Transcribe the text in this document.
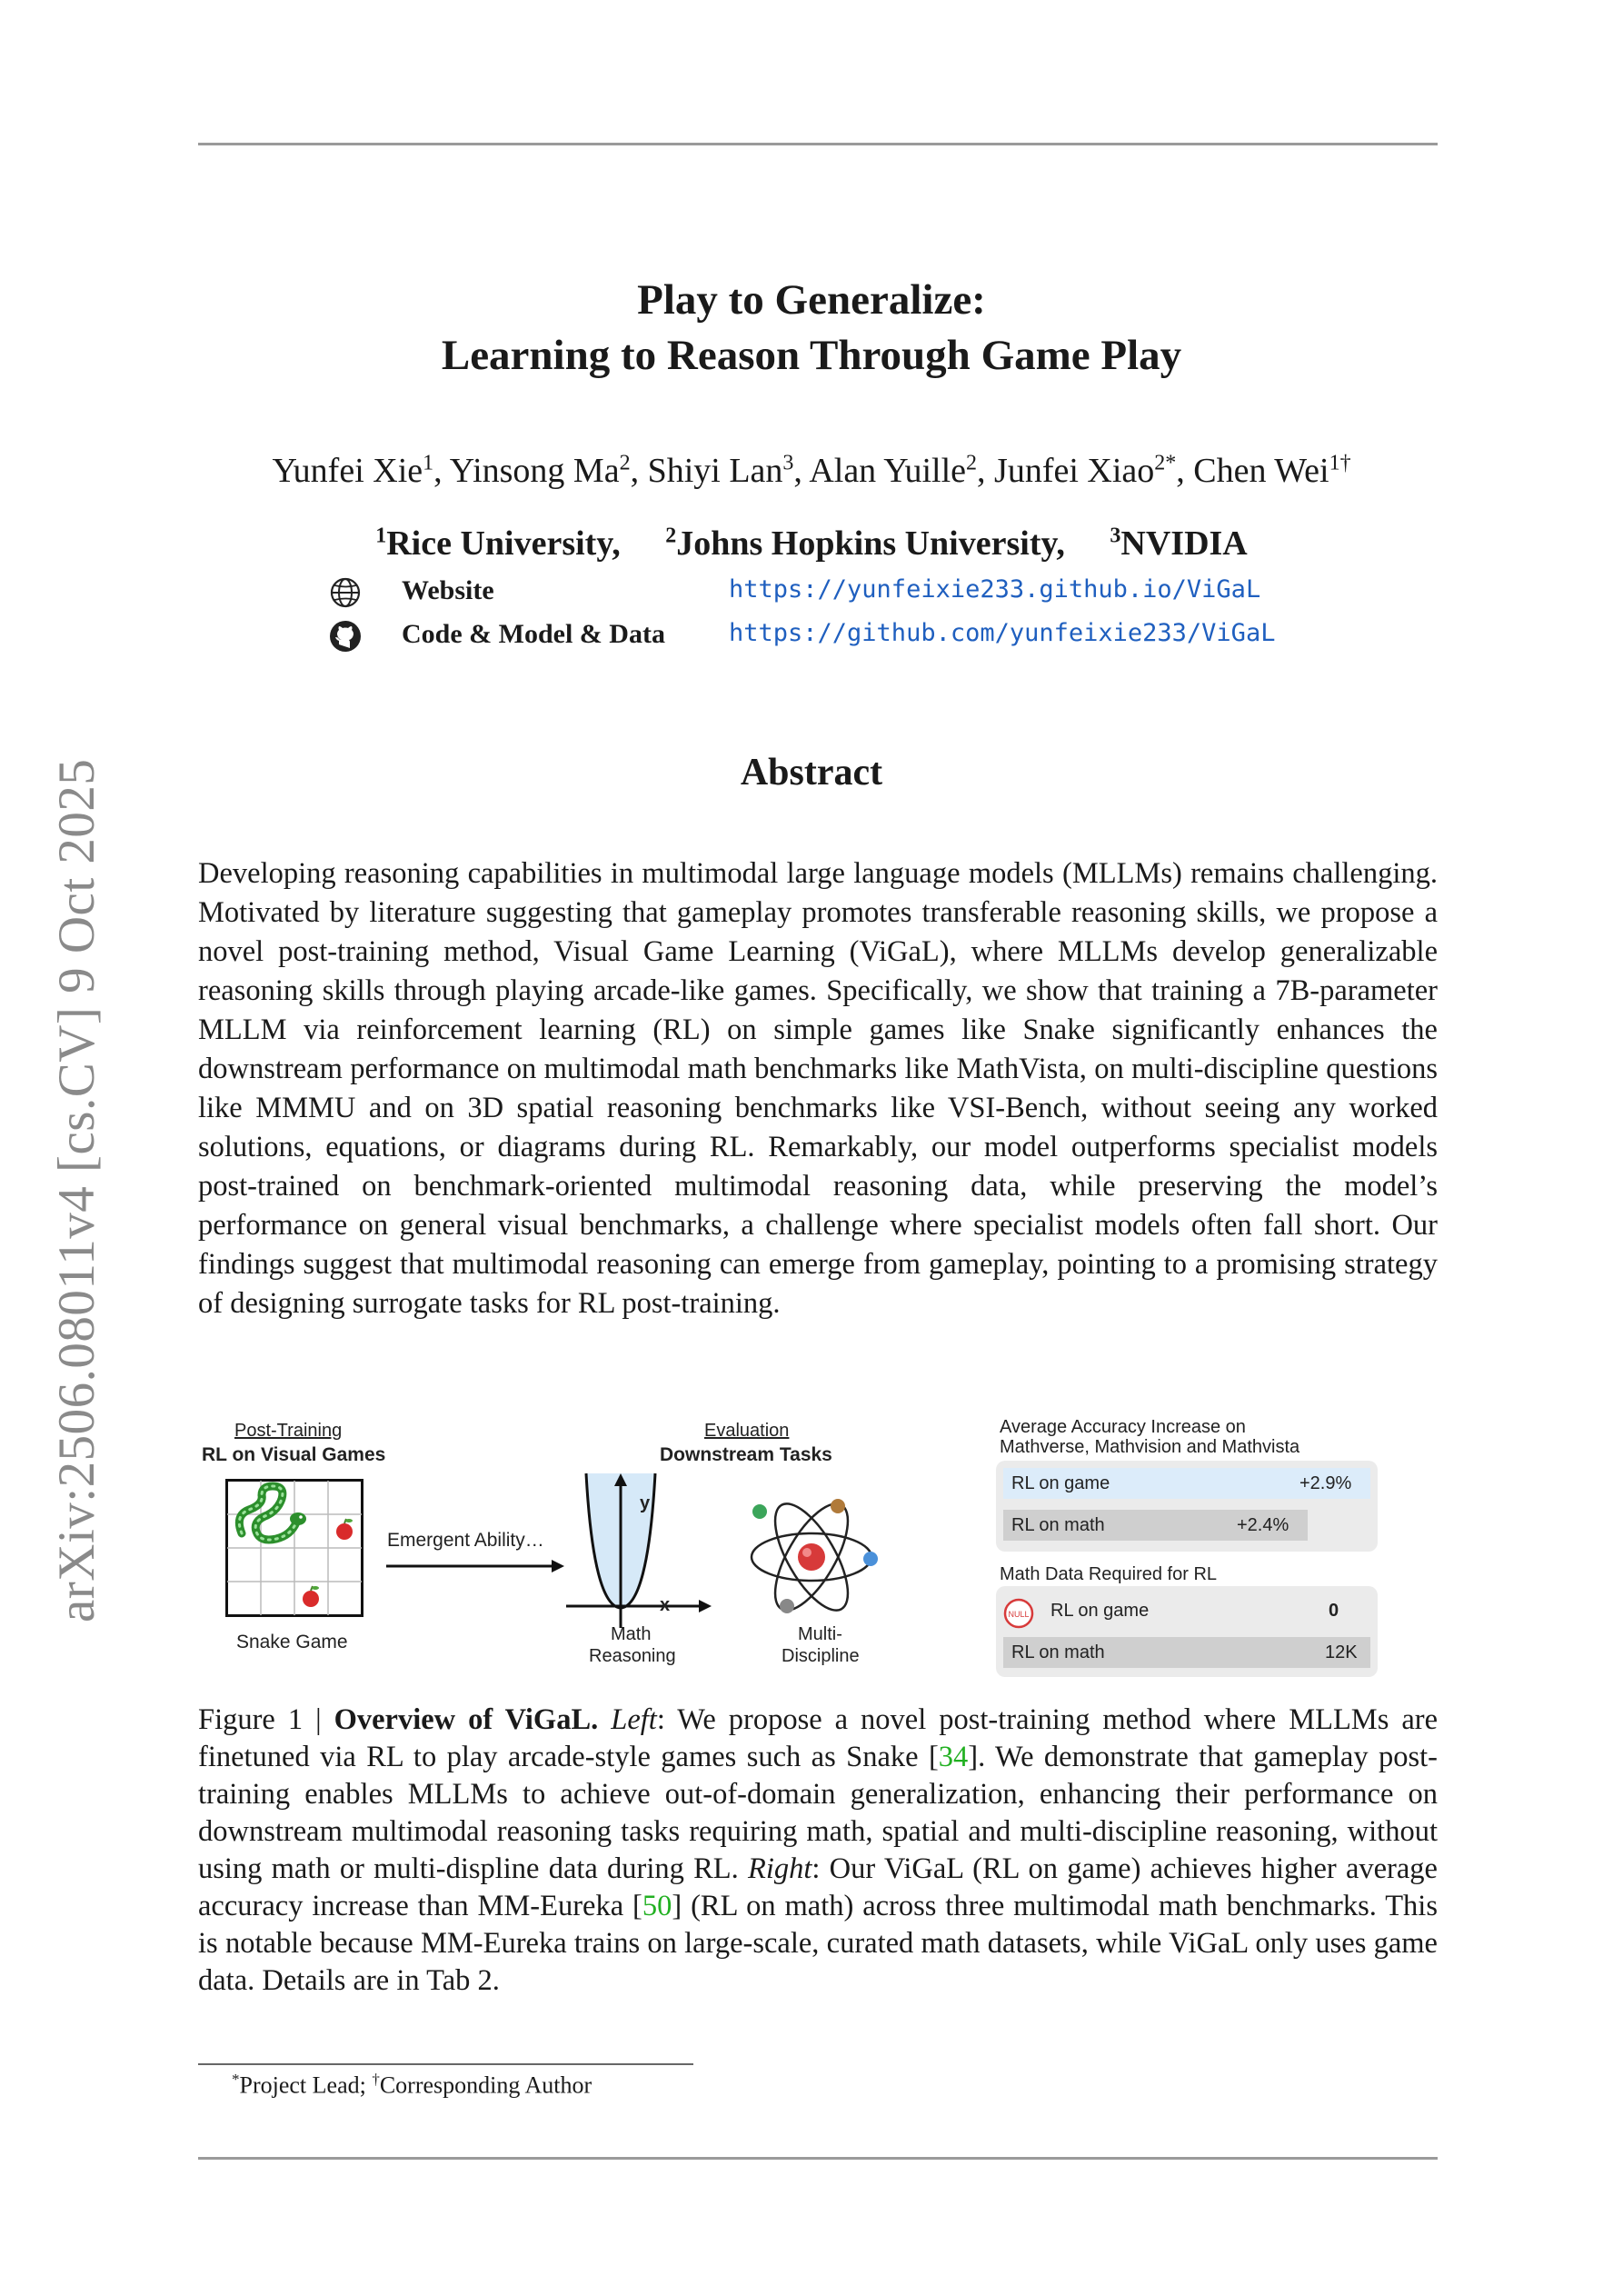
arXiv:2506.08011v4 [cs.CV] 9 Oct 2025
Play to Generalize:
Learning to Reason Through Game Play
Yunfei Xie$^1$, Yinsong Ma$^2$, Shiyi Lan$^3$, Alan Yuille$^2$, Junfei Xiao$^{2*}$, Chen Wei$^{1\dagger}$
$^1$Rice University, $^2$Johns Hopkins University, $^3$NVIDIA
Website	https://yunfeixie233.github.io/ViGaL
Code & Model & Data	https://github.com/yunfeixie233/ViGaL
Abstract
Developing reasoning capabilities in multimodal large language models (MLLMs) remains challenging. Motivated by literature suggesting that gameplay promotes transferable reasoning skills, we propose a novel post-training method, Visual Game Learning (ViGaL), where MLLMs develop generalizable reasoning skills through playing arcade-like games. Specifically, we show that training a 7B-parameter MLLM via reinforcement learning (RL) on simple games like Snake significantly enhances the downstream performance on multimodal math benchmarks like MathVista, on multi-discipline questions like MMMU and on 3D spatial reasoning benchmarks like VSI-Bench, without seeing any worked solutions, equations, or diagrams during RL. Remarkably, our model outperforms specialist models post-trained on benchmark-oriented multimodal reasoning data, while preserving the model’s performance on general visual benchmarks, a challenge where specialist models often fall short. Our findings suggest that multimodal reasoning can emerge from gameplay, pointing to a promising strategy of designing surrogate tasks for RL post-training.
Post-Training
RL on Visual Games
Snake Game
Emergent Ability…
Evaluation
Downstream Tasks
y
x
Math
Reasoning
Multi-
Discipline
Average Accuracy Increase on
Mathverse, Mathvision and Mathvista
Math Data Required for RL
NULL RL on game	0
RL on math	12K
RL on game	+2.9%
RL on math	+2.4%
Figure 1 | Overview of ViGaL. Left: We propose a novel post-training method where MLLMs are finetuned via RL to play arcade-style games such as Snake [34]. We demonstrate that gameplay post-training enables MLLMs to achieve out-of-domain generalization, enhancing their performance on downstream multimodal reasoning tasks requiring math, spatial and multi-discipline reasoning, without using math or multi-displine data during RL. Right: Our ViGaL (RL on game) achieves higher average accuracy increase than MM-Eureka [50] (RL on math) across three multimodal math benchmarks. This is notable because MM-Eureka trains on large-scale, curated math datasets, while ViGaL only uses game data. Details are in Tab 2.
*Project Lead; †Corresponding Author
